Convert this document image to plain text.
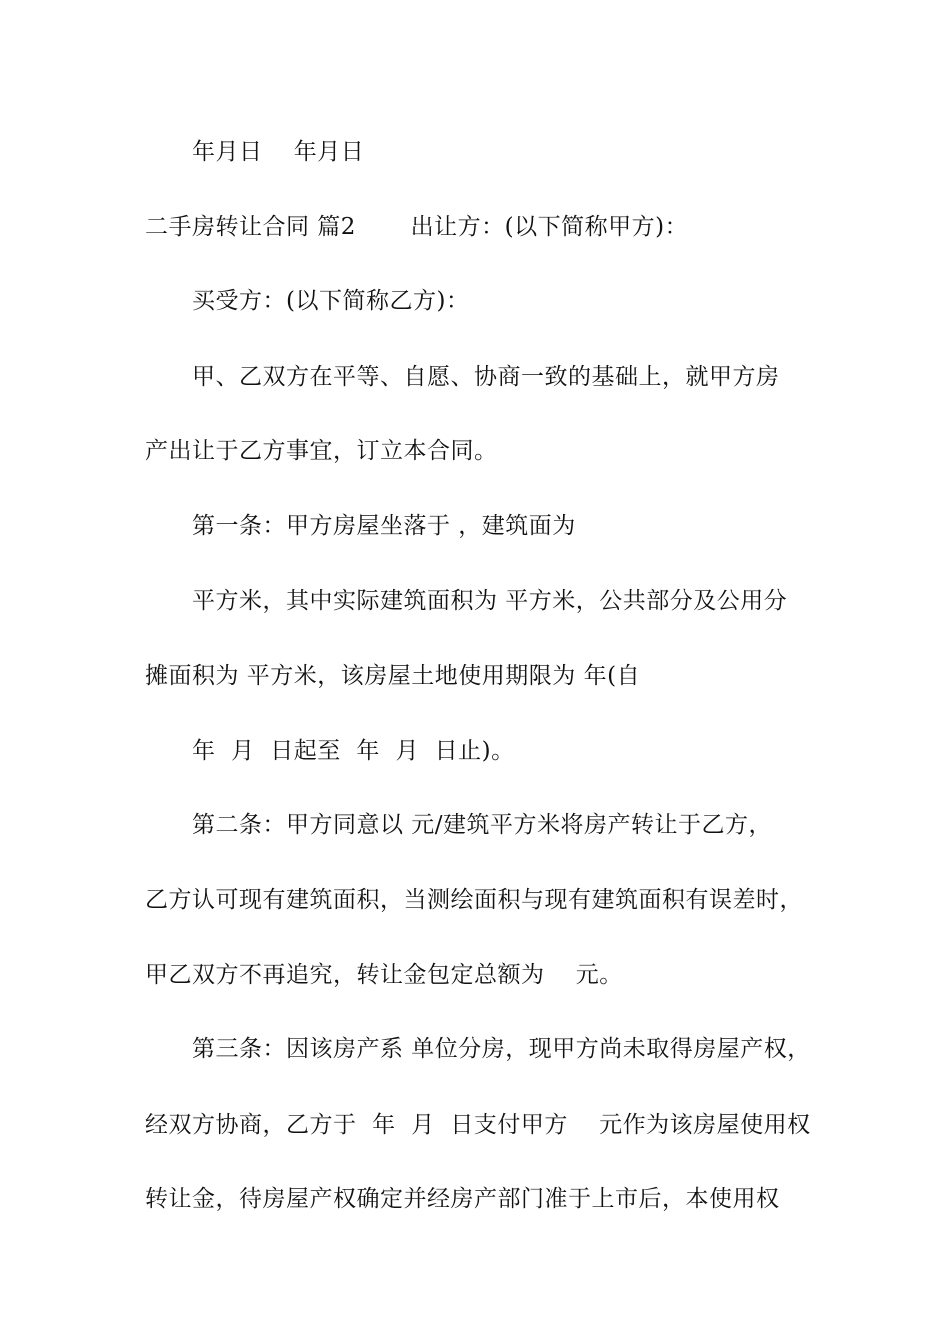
年月日    年月日
二手房转让合同 篇2       出让方：(以下简称甲方)：
买受方：(以下简称乙方)：
甲、乙双方在平等、自愿、协商一致的基础上，就甲方房
产出让于乙方事宜，订立本合同。
第一条：甲方房屋坐落于 ，建筑面为
平方米，其中实际建筑面积为 平方米，公共部分及公用分
摊面积为 平方米，该房屋土地使用期限为 年(自
年  月  日起至  年  月  日止)。
第二条：甲方同意以 元/建筑平方米将房产转让于乙方，
乙方认可现有建筑面积，当测绘面积与现有建筑面积有误差时，
甲乙双方不再追究，转让金包定总额为    元。
第三条：因该房产系 单位分房，现甲方尚未取得房屋产权，
经双方协商，乙方于  年  月  日支付甲方    元作为该房屋使用权
转让金，待房屋产权确定并经房产部门准于上市后，本使用权
